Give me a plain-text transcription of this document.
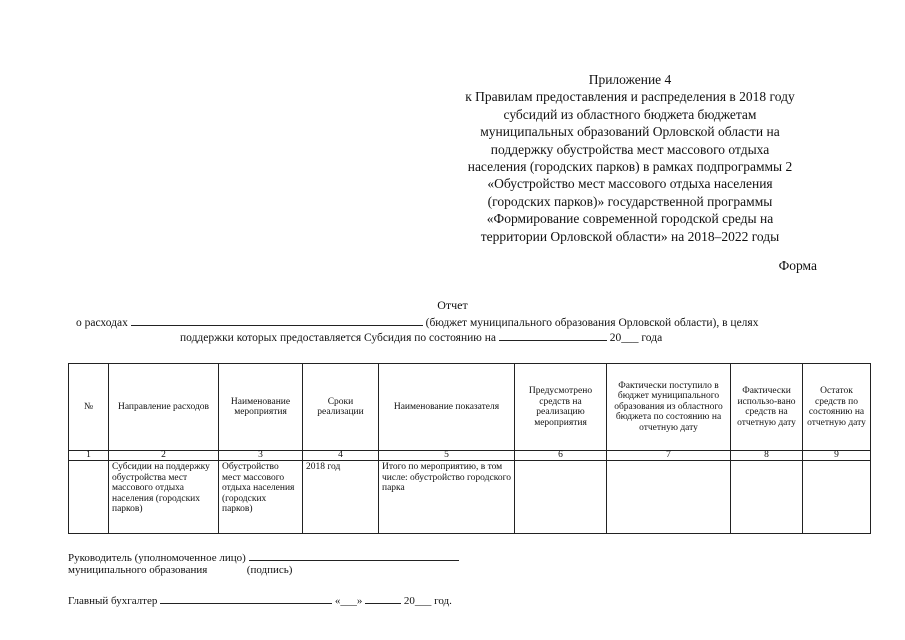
Приложение 4
к Правилам предоставления и распределения в 2018 году
субсидий из областного бюджета бюджетам
муниципальных образований Орловской области на
поддержку обустройства мест массового отдыха
населения (городских парков) в рамках подпрограммы 2
«Обустройство мест массового отдыха населения
(городских парков)» государственной программы
«Формирование современной городской среды на
территории Орловской области» на 2018–2022 годы
Форма
Отчет
о расходах	(бюджет муниципального образования Орловской области), в целях
поддержки которых предоставляется Субсидия по состоянию на	20___ года
№	Направление расходов	Наименование мероприятия	Сроки реализации	Наименование показателя	Предусмотрено средств на реализацию мероприятия	Фактически поступило в бюджет муниципального образования из областного бюджета по состоянию на отчетную дату	Фактически использо-вано средств на отчетную дату	Остаток средств по состоянию на отчетную дату
1	2	3	4	5	6	7	8	9
	Субсидии на поддержку обустройства мест массового отдыха населения (городских парков)	Обустройство мест массового отдыха населения (городских парков)	2018 год	Итого по мероприятию, в том числе: обустройство городского парка				
Руководитель (уполномоченное лицо)
муниципального образования	(подпись)
Главный бухгалтер	«___»	20___ год.
